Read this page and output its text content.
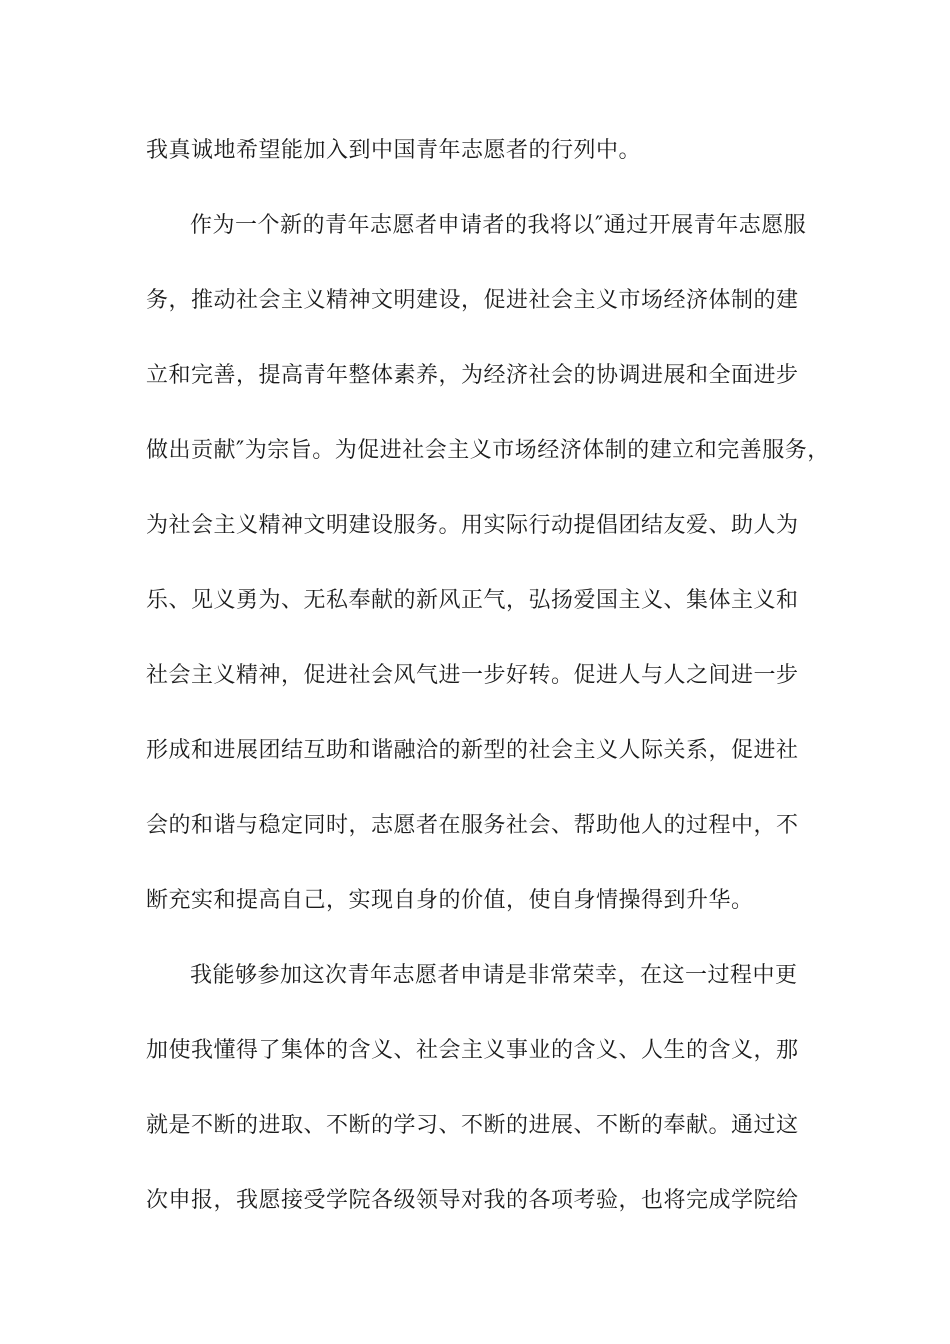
我真诚地希望能加入到中国青年志愿者的行列中。
作为一个新的青年志愿者申请者的我将以″通过开展青年志愿服
务，推动社会主义精神文明建设，促进社会主义市场经济体制的建
立和完善，提高青年整体素养，为经济社会的协调进展和全面进步
做出贡献″为宗旨。为促进社会主义市场经济体制的建立和完善服务，
为社会主义精神文明建设服务。用实际行动提倡团结友爱、助人为
乐、见义勇为、无私奉献的新风正气，弘扬爱国主义、集体主义和
社会主义精神，促进社会风气进一步好转。促进人与人之间进一步
形成和进展团结互助和谐融洽的新型的社会主义人际关系，促进社
会的和谐与稳定同时，志愿者在服务社会、帮助他人的过程中，不
断充实和提高自己，实现自身的价值，使自身情操得到升华。
我能够参加这次青年志愿者申请是非常荣幸，在这一过程中更
加使我懂得了集体的含义、社会主义事业的含义、人生的含义，那
就是不断的进取、不断的学习、不断的进展、不断的奉献。通过这
次申报，我愿接受学院各级领导对我的各项考验，也将完成学院给
